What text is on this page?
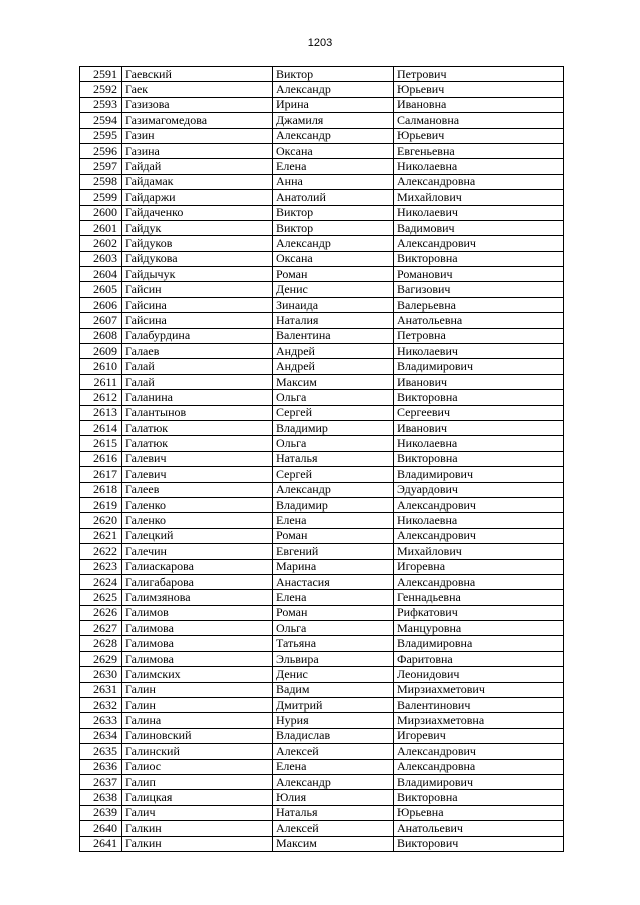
1203
2591	Гаевский	Виктор	Петрович
2592	Гаек	Александр	Юрьевич
2593	Газизова	Ирина	Ивановна
2594	Газимагомедова	Джамиля	Салмановна
2595	Газин	Александр	Юрьевич
2596	Газина	Оксана	Евгеньевна
2597	Гайдай	Елена	Николаевна
2598	Гайдамак	Анна	Александровна
2599	Гайдаржи	Анатолий	Михайлович
2600	Гайдаченко	Виктор	Николаевич
2601	Гайдук	Виктор	Вадимович
2602	Гайдуков	Александр	Александрович
2603	Гайдукова	Оксана	Викторовна
2604	Гайдычук	Роман	Романович
2605	Гайсин	Денис	Вагизович
2606	Гайсина	Зинаида	Валерьевна
2607	Гайсина	Наталия	Анатольевна
2608	Галабурдина	Валентина	Петровна
2609	Галаев	Андрей	Николаевич
2610	Галай	Андрей	Владимирович
2611	Галай	Максим	Иванович
2612	Галанина	Ольга	Викторовна
2613	Галантынов	Сергей	Сергеевич
2614	Галатюк	Владимир	Иванович
2615	Галатюк	Ольга	Николаевна
2616	Галевич	Наталья	Викторовна
2617	Галевич	Сергей	Владимирович
2618	Галеев	Александр	Эдуардович
2619	Галенко	Владимир	Александрович
2620	Галенко	Елена	Николаевна
2621	Галецкий	Роман	Александрович
2622	Галечин	Евгений	Михайлович
2623	Галиаскарова	Марина	Игоревна
2624	Галигабарова	Анастасия	Александровна
2625	Галимзянова	Елена	Геннадьевна
2626	Галимов	Роман	Рифкатович
2627	Галимова	Ольга	Манцуровна
2628	Галимова	Татьяна	Владимировна
2629	Галимова	Эльвира	Фаритовна
2630	Галимских	Денис	Леонидович
2631	Галин	Вадим	Мирзиахметович
2632	Галин	Дмитрий	Валентинович
2633	Галина	Нурия	Мирзиахметовна
2634	Галиновский	Владислав	Игоревич
2635	Галинский	Алексей	Александрович
2636	Галиос	Елена	Александровна
2637	Галип	Александр	Владимирович
2638	Галицкая	Юлия	Викторовна
2639	Галич	Наталья	Юрьевна
2640	Галкин	Алексей	Анатольевич
2641	Галкин	Максим	Викторович
